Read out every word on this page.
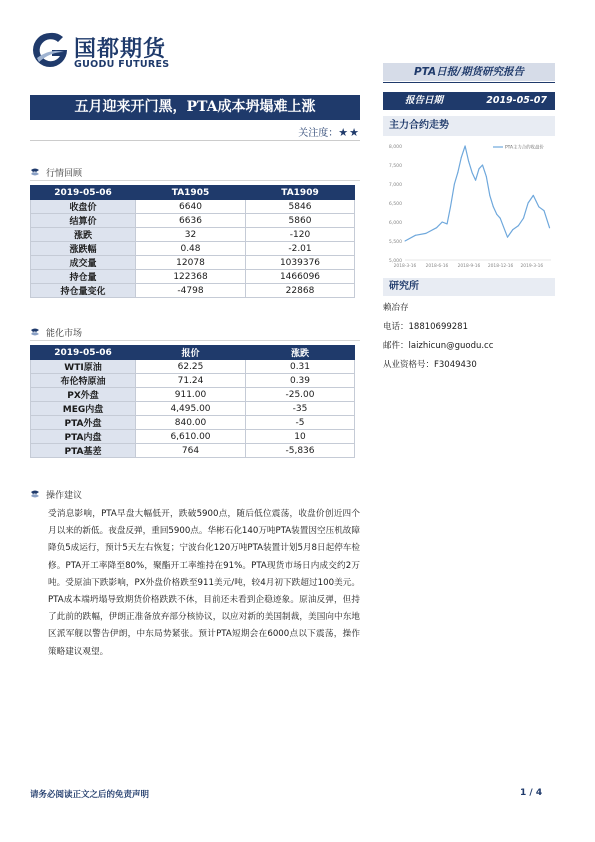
国都期货
GUODU FUTURES
PTA日报/期货研究报告
五月迎来开门黑，PTA成本坍塌难上涨
关注度：★★
报告日期	2019-05-07
主力合约走势
8,000
7,500
7,000
6,500
6,000
5,500
5,000
2018-3-16 2018-6-16 2018-9-16 2018-12-16 2019-3-16
PTA主力合约收盘价
研究所
赖冶存
电话：18810699281
邮件：laizhicun@guodu.cc
从业资格号：F3049430
行情回顾
2019-05-06	TA1905	TA1909
收盘价	6640	5846
结算价	6636	5860
涨跌	32	-120
涨跌幅	0.48	-2.01
成交量	12078	1039376
持仓量	122368	1466096
持仓量变化	-4798	22868
能化市场
2019-05-06	报价	涨跌
WTI原油	62.25	0.31
布伦特原油	71.24	0.39
PX外盘	911.00	-25.00
MEG内盘	4,495.00	-35
PTA外盘	840.00	-5
PTA内盘	6,610.00	10
PTA基差	764	-5,836
操作建议
受消息影响，PTA早盘大幅低开，跌破5900点，随后低位震荡，收盘价创近四个月以来的新低。夜盘反弹，重回5900点。华彬石化140万吨PTA装置因空压机故障降负5成运行，预计5天左右恢复；宁波台化120万吨PTA装置计划5月8日起停车检修。PTA开工率降至80%，聚酯开工率维持在91%。PTA现货市场日内成交约2万吨。受原油下跌影响，PX外盘价格跌至911美元/吨，较4月初下跌超过100美元。PTA成本端坍塌导致期货价格跌跌不休，目前还未看到企稳迹象。原油反弹，但持了此前的跌幅，伊朗正准备放弃部分核协议，以应对新的美国制裁，美国向中东地区派军舰以警告伊朗，中东局势紧张。预计PTA短期会在6000点以下震荡，操作策略建议观望。
请务必阅读正文之后的免责声明	1 / 4
